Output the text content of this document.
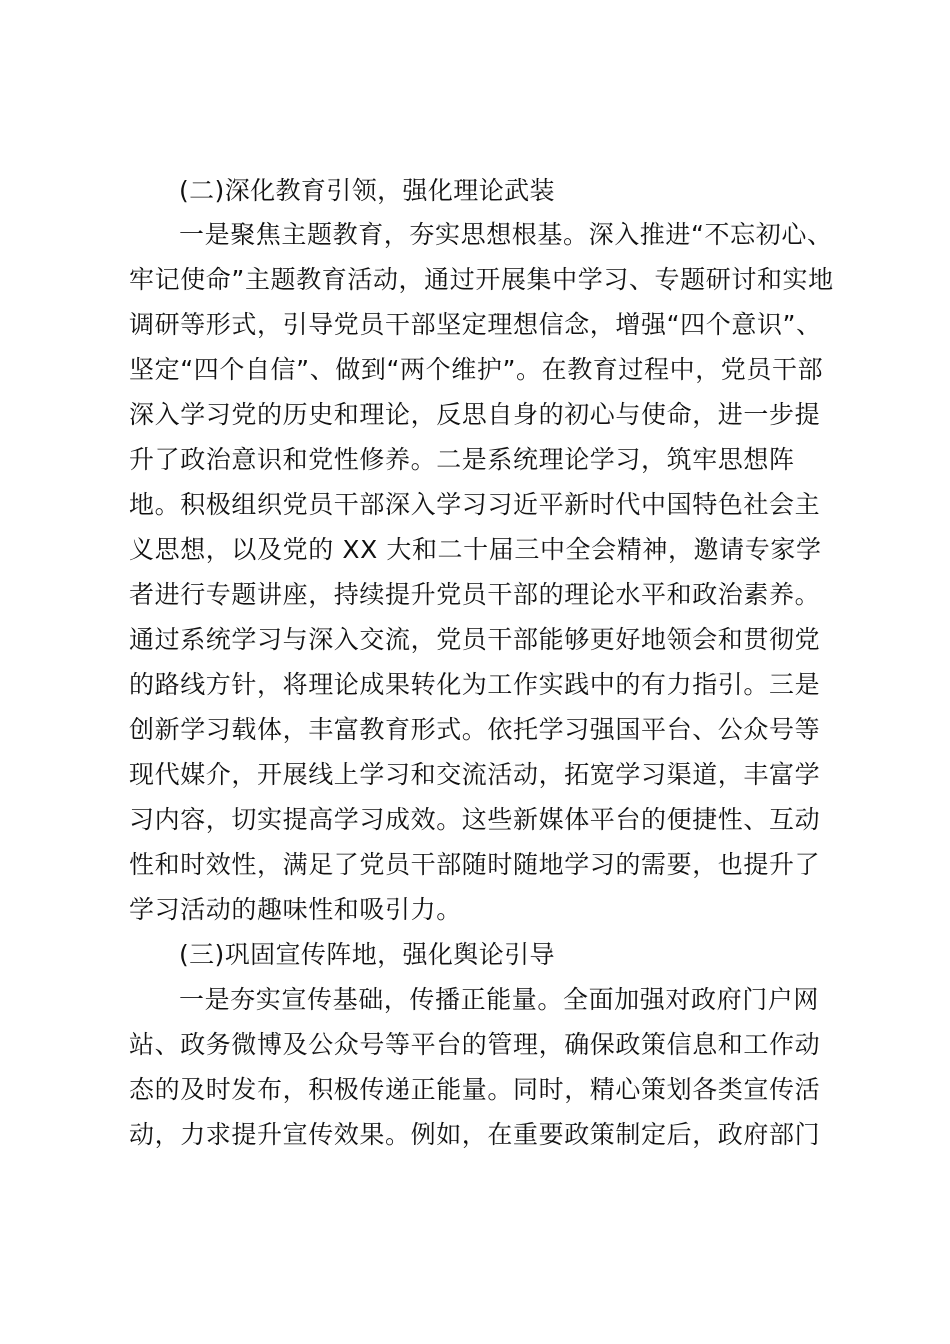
(二)深化教育引领，强化理论武装
一是聚焦主题教育，夯实思想根基。深入推进“不忘初心、
牢记使命”主题教育活动，通过开展集中学习、专题研讨和实地
调研等形式，引导党员干部坚定理想信念，增强“四个意识”、
坚定“四个自信”、做到“两个维护”。在教育过程中，党员干部
深入学习党的历史和理论，反思自身的初心与使命，进一步提
升了政治意识和党性修养。二是系统理论学习，筑牢思想阵
地。积极组织党员干部深入学习习近平新时代中国特色社会主
义思想，以及党的 XX 大和二十届三中全会精神，邀请专家学
者进行专题讲座，持续提升党员干部的理论水平和政治素养。
通过系统学习与深入交流，党员干部能够更好地领会和贯彻党
的路线方针，将理论成果转化为工作实践中的有力指引。三是
创新学习载体，丰富教育形式。依托学习强国平台、公众号等
现代媒介，开展线上学习和交流活动，拓宽学习渠道，丰富学
习内容，切实提高学习成效。这些新媒体平台的便捷性、互动
性和时效性，满足了党员干部随时随地学习的需要，也提升了
学习活动的趣味性和吸引力。
(三)巩固宣传阵地，强化舆论引导
一是夯实宣传基础，传播正能量。全面加强对政府门户网
站、政务微博及公众号等平台的管理，确保政策信息和工作动
态的及时发布，积极传递正能量。同时，精心策划各类宣传活
动，力求提升宣传效果。例如，在重要政策制定后，政府部门
